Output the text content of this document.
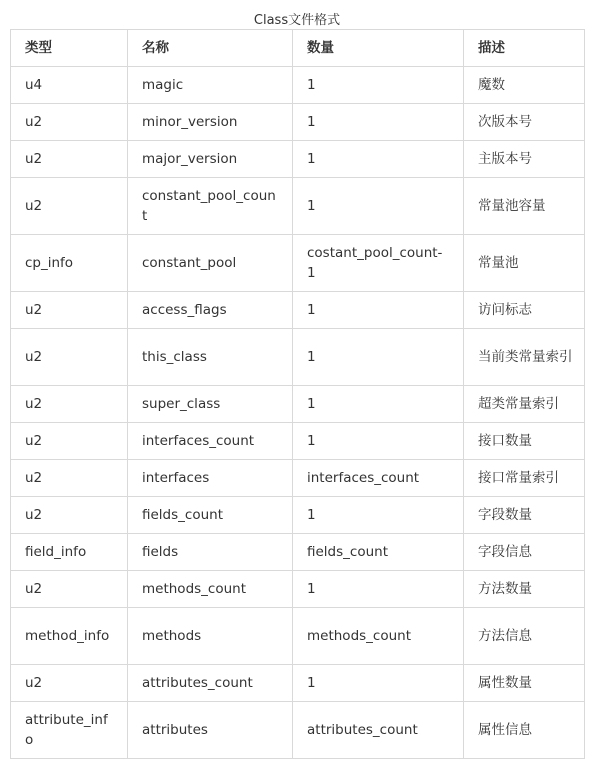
Class文件格式
类型	名称	数量	描述
u4	magic	1	魔数
u2	minor_version	1	次版本号
u2	major_version	1	主版本号
u2	constant_pool_count	1	常量池容量
cp_info	constant_pool	costant_pool_count-1	常量池
u2	access_flags	1	访问标志
u2	this_class	1	当前类常量索引
u2	super_class	1	超类常量索引
u2	interfaces_count	1	接口数量
u2	interfaces	interfaces_count	接口常量索引
u2	fields_count	1	字段数量
field_info	fields	fields_count	字段信息
u2	methods_count	1	方法数量
method_info	methods	methods_count	方法信息
u2	attributes_count	1	属性数量
attribute_info	attributes	attributes_count	属性信息
